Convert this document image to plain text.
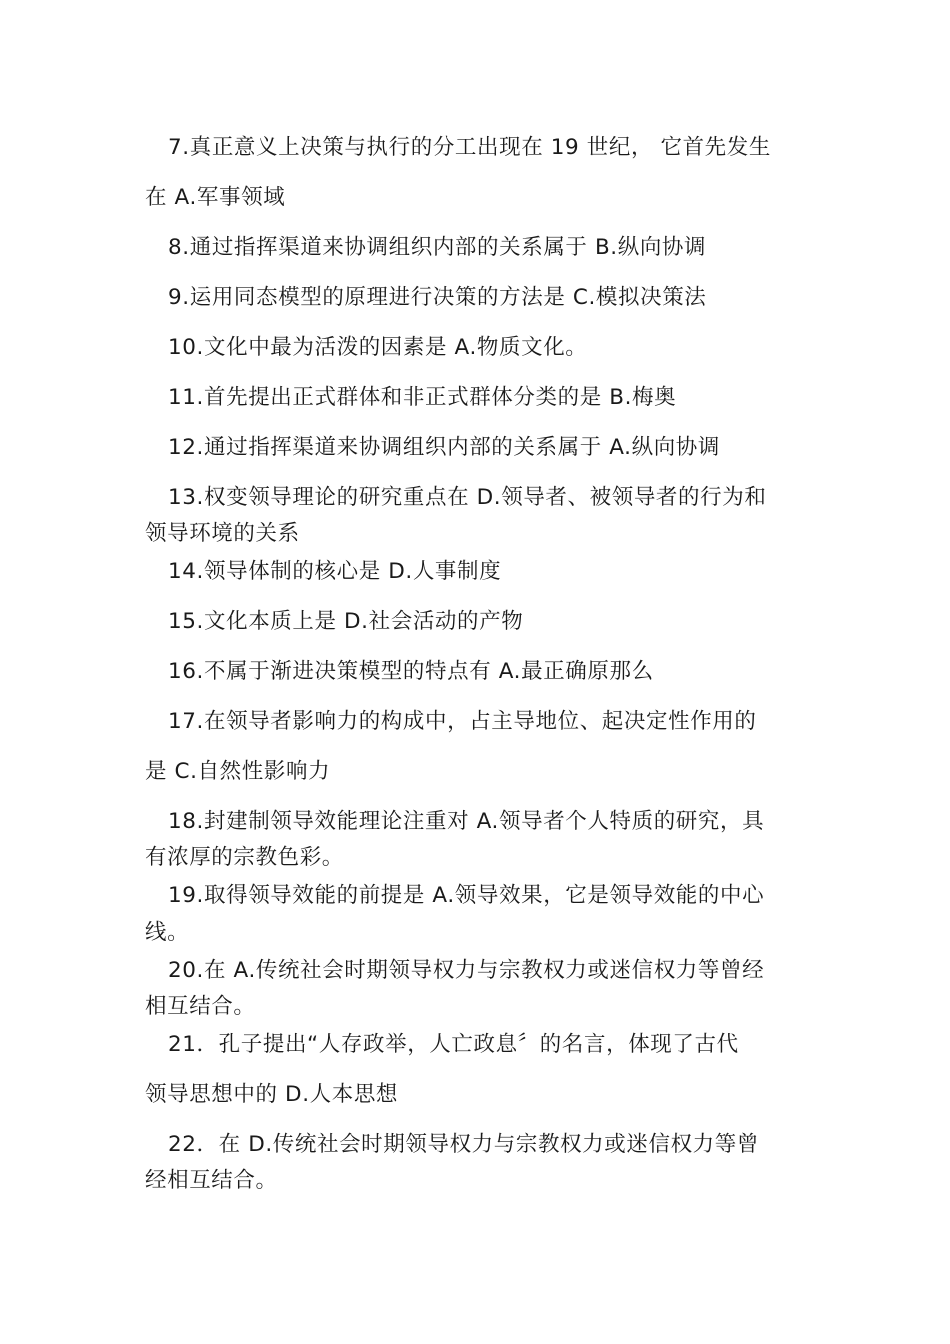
7.真正意义上决策与执行的分工出现在 19 世纪， 它首先发生
在 A.军事领域
8.通过指挥渠道来协调组织内部的关系属于 B.纵向协调
9.运用同态模型的原理进行决策的方法是 C.模拟决策法
10.文化中最为活泼的因素是 A.物质文化。
11.首先提出正式群体和非正式群体分类的是 B.梅奥
12.通过指挥渠道来协调组织内部的关系属于 A.纵向协调
13.权变领导理论的研究重点在 D.领导者、被领导者的行为和
领导环境的关系
14.领导体制的核心是 D.人事制度
15.文化本质上是 D.社会活动的产物
16.不属于渐进决策模型的特点有 A.最正确原那么
17.在领导者影响力的构成中，占主导地位、起决定性作用的
是 C.自然性影响力
18.封建制领导效能理论注重对 A.领导者个人特质的研究，具
有浓厚的宗教色彩。
19.取得领导效能的前提是 A.领导效果，它是领导效能的中心
线。
20.在 A.传统社会时期领导权力与宗教权力或迷信权力等曾经
相互结合。
21．孔子提出“人存政举，人亡政息〞的名言，体现了古代
领导思想中的 D.人本思想
22．在 D.传统社会时期领导权力与宗教权力或迷信权力等曾
经相互结合。
